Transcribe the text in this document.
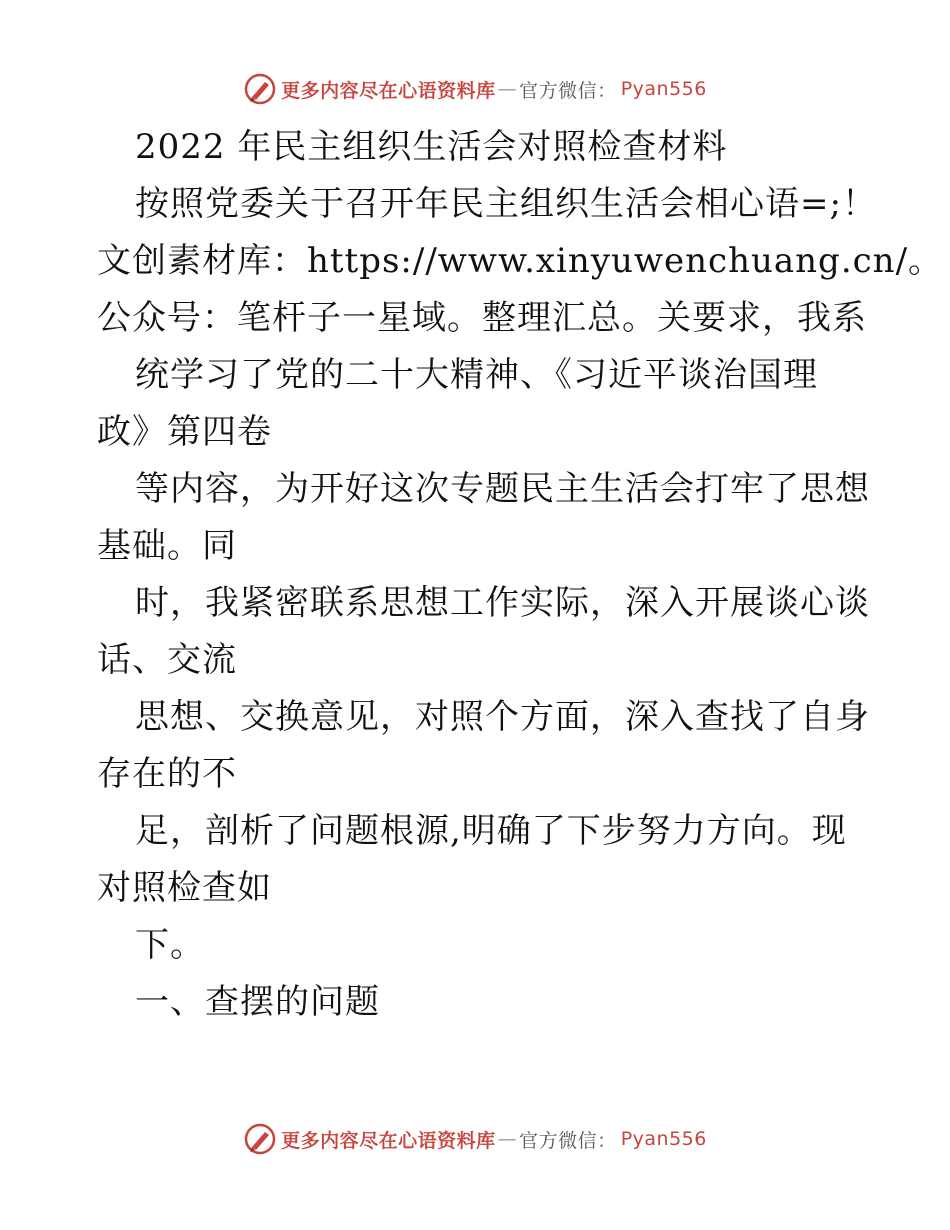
更多内容尽在心语资料库 — 官方微信： Pyan556
2022 年民主组织生活会对照检查材料
按照党委关于召开年民主组织生活会相心语=;！
文创素材库：https://www.xinyuwenchuang.cn/。
公众号：笔杆子一星域。整理汇总。关要求，我系
统学习了党的二十大精神、《习近平谈治国理
政》第四卷
等内容，为开好这次专题民主生活会打牢了思想
基础。同
时，我紧密联系思想工作实际，深入开展谈心谈
话、交流
思想、交换意见，对照个方面，深入查找了自身
存在的不
足，剖析了问题根源,明确了下步努力方向。现
对照检查如
下。
一、查摆的问题
更多内容尽在心语资料库 — 官方微信： Pyan556
